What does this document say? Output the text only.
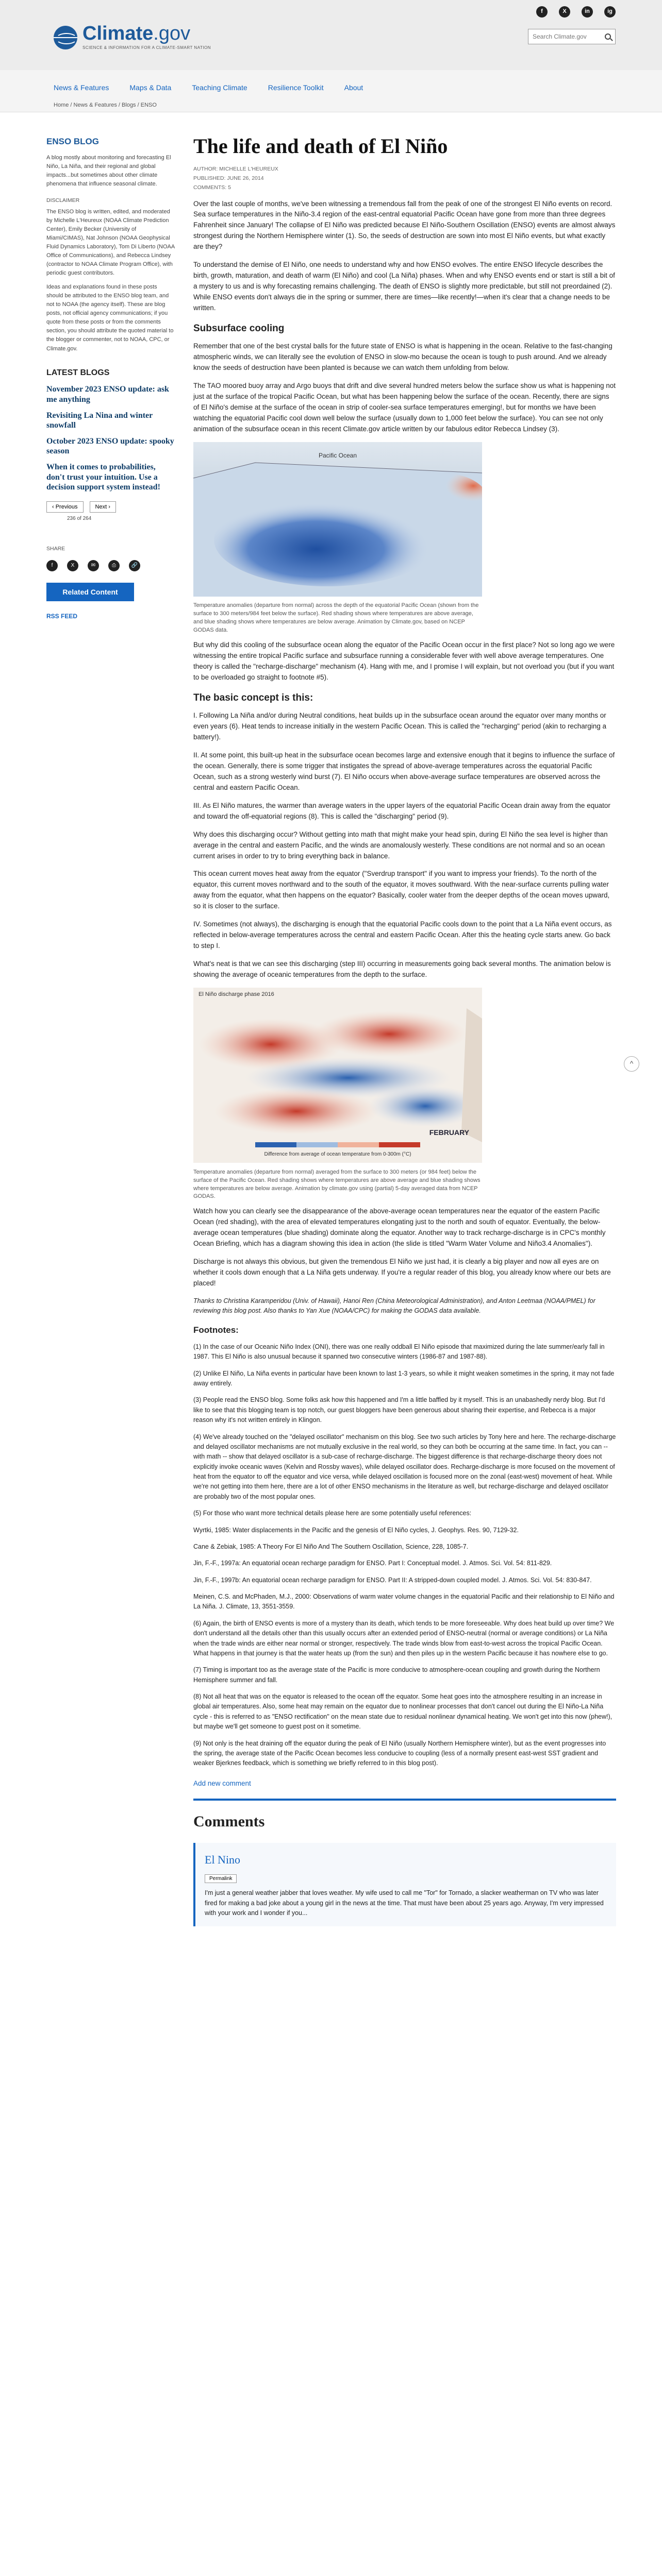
Climate.gov
SCIENCE & INFORMATION FOR A CLIMATE-SMART NATION
f	X	in	ig
Search Climate.gov
News & Features	Maps & Data	Teaching Climate	Resilience Toolkit	About
Home / News & Features / Blogs / ENSO
ENSO BLOG

A blog mostly about monitoring and forecasting El Niño, La Niña, and their regional and global impacts...but sometimes about other climate phenomena that influence seasonal climate.

DISCLAIMER

The ENSO blog is written, edited, and moderated by Michelle L'Heureux (NOAA Climate Prediction Center), Emily Becker (University of Miami/CIMAS), Nat Johnson (NOAA Geophysical Fluid Dynamics Laboratory), Tom Di Liberto (NOAA Office of Communications), and Rebecca Lindsey (contractor to NOAA Climate Program Office), with periodic guest contributors.

Ideas and explanations found in these posts should be attributed to the ENSO blog team, and not to NOAA (the agency itself). These are blog posts, not official agency communications; if you quote from these posts or from the comments section, you should attribute the quoted material to the blogger or commenter, not to NOAA, CPC, or Climate.gov.

LATEST BLOGS
November 2023 ENSO update: ask me anything
Revisiting La Nina and winter snowfall
October 2023 ENSO update: spooky season
When it comes to probabilities, don't trust your intuition. Use a decision support system instead!
‹ Previous	Next ›
236 of 264
SHARE
f	X	✉	⎙	🔗
Related Content
RSS FEED
The life and death of El Niño
AUTHOR: MICHELLE L'HEUREUX
PUBLISHED: JUNE 26, 2014
COMMENTS: 5

Over the last couple of months, we've been witnessing a tremendous fall from the peak of one of the strongest El Niño events on record. Sea surface temperatures in the Niño-3.4 region of the east-central equatorial Pacific Ocean have gone from more than three degrees Fahrenheit since January! The collapse of El Niño was predicted because El Niño-Southern Oscillation (ENSO) events are almost always strongest during the Northern Hemisphere winter (1). So, the seeds of destruction are sown into most El Niño events, but what exactly are they?

To understand the demise of El Niño, one needs to understand why and how ENSO evolves. The entire ENSO lifecycle describes the birth, growth, maturation, and death of warm (El Niño) and cool (La Niña) phases. When and why ENSO events end or start is still a bit of a mystery to us and is why forecasting remains challenging. The death of ENSO is slightly more predictable, but still not preordained (2). While ENSO events don't always die in the spring or summer, there are times—like recently!—when it's clear that a change needs to be written.

Subsurface cooling

Remember that one of the best crystal balls for the future state of ENSO is what is happening in the ocean. Relative to the fast-changing atmospheric winds, we can literally see the evolution of ENSO in slow-mo because the ocean is tough to push around. And we already know the seeds of destruction have been planted is because we can watch them unfolding from below.

The TAO moored buoy array and Argo buoys that drift and dive several hundred meters below the surface show us what is happening not just at the surface of the tropical Pacific Ocean, but what has been happening below the surface of the ocean. Recently, there are signs of El Niño's demise at the surface of the ocean in strip of cooler-sea surface temperatures emerging!, but for months we have been watching the equatorial Pacific cool down well below the surface (usually down to 1,000 feet below the surface). You can see not only animation of the subsurface ocean in this recent Climate.gov article written by our fabulous editor Rebecca Lindsey (3).

Pacific Ocean
Temperature anomalies (departure from normal) across the depth of the equatorial Pacific Ocean (shown from the surface to 300 meters/984 feet below the surface). Red shading shows where temperatures are above average, and blue shading shows where temperatures are below average. Animation by Climate.gov, based on NCEP GODAS data.

But why did this cooling of the subsurface ocean along the equator of the Pacific Ocean occur in the first place? Not so long ago we were witnessing the entire tropical Pacific surface and subsurface running a considerable fever with well above average temperatures. One theory is called the "recharge-discharge" mechanism (4). Hang with me, and I promise I will explain, but not overload you (but if you want to be overloaded go straight to footnote #5).

The basic concept is this:

I. Following La Niña and/or during Neutral conditions, heat builds up in the subsurface ocean around the equator over many months or even years (6). Heat tends to increase initially in the western Pacific Ocean. This is called the "recharging" period (akin to recharging a battery!).

II. At some point, this built-up heat in the subsurface ocean becomes large and extensive enough that it begins to influence the surface of the ocean. Generally, there is some trigger that instigates the spread of above-average temperatures across the equatorial Pacific Ocean, such as a strong westerly wind burst (7). El Niño occurs when above-average surface temperatures are observed across the central and eastern Pacific Ocean.

III. As El Niño matures, the warmer than average waters in the upper layers of the equatorial Pacific Ocean drain away from the equator and toward the off-equatorial regions (8). This is called the "discharging" period (9).

Why does this discharging occur? Without getting into math that might make your head spin, during El Niño the sea level is higher than average in the central and eastern Pacific, and the winds are anomalously westerly. These conditions are not normal and so an ocean current arises in order to try to bring everything back in balance.

This ocean current moves heat away from the equator ("Sverdrup transport" if you want to impress your friends). To the north of the equator, this current moves northward and to the south of the equator, it moves southward. With the near-surface currents pulling water away from the equator, what then happens on the equator? Basically, cooler water from the deeper depths of the ocean moves upward, so it is closer to the surface.

IV. Sometimes (not always), the discharging is enough that the equatorial Pacific cools down to the point that a La Niña event occurs, as reflected in below-average temperatures across the central and eastern Pacific Ocean. After this the heating cycle starts anew. Go back to step I.

What's neat is that we can see this discharging (step III) occurring in measurements going back several months. The animation below is showing the average of oceanic temperatures from the depth to the surface.

El Niño discharge phase 2016
FEBRUARY
Difference from average of ocean temperature from 0-300m (°C)
Temperature anomalies (departure from normal) averaged from the surface to 300 meters (or 984 feet) below the surface of the Pacific Ocean. Red shading shows where temperatures are above average and blue shading shows where temperatures are below average. Animation by climate.gov using (partial) 5-day averaged data from NCEP GODAS.

Watch how you can clearly see the disappearance of the above-average ocean temperatures near the equator of the eastern Pacific Ocean (red shading), with the area of elevated temperatures elongating just to the north and south of equator. Eventually, the below-average ocean temperatures (blue shading) dominate along the equator. Another way to track recharge-discharge is in CPC's monthly Ocean Briefing, which has a diagram showing this idea in action (the slide is titled "Warm Water Volume and Niño3.4 Anomalies").

Discharge is not always this obvious, but given the tremendous El Niño we just had, it is clearly a big player and now all eyes are on whether it cools down enough that a La Niña gets underway. If you're a regular reader of this blog, you already know where our bets are placed!

Thanks to Christina Karamperidou (Univ. of Hawaii), Hanoi Ren (China Meteorological Administration), and Anton Leetmaa (NOAA/PMEL) for reviewing this blog post. Also thanks to Yan Xue (NOAA/CPC) for making the GODAS data available.

Footnotes:

(1) In the case of our Oceanic Niño Index (ONI), there was one really oddball El Niño episode that maximized during the late summer/early fall in 1987. This El Niño is also unusual because it spanned two consecutive winters (1986-87 and 1987-88).

(2) Unlike El Niño, La Niña events in particular have been known to last 1-3 years, so while it might weaken sometimes in the spring, it may not fade away entirely.

(3) People read the ENSO blog. Some folks ask how this happened and I'm a little baffled by it myself. This is an unabashedly nerdy blog. But I'd like to see that this blogging team is top notch, our guest bloggers have been generous about sharing their expertise, and Rebecca is a major reason why it's not written entirely in Klingon.

(4) We've already touched on the "delayed oscillator" mechanism on this blog. See two such articles by Tony here and here. The recharge-discharge and delayed oscillator mechanisms are not mutually exclusive in the real world, so they can both be occurring at the same time. In fact, you can -- with math -- show that delayed oscillator is a sub-case of recharge-discharge. The biggest difference is that recharge-discharge theory does not explicitly invoke oceanic waves (Kelvin and Rossby waves), while delayed oscillator does. Recharge-discharge is more focused on the movement of heat from the equator to off the equator and vice versa, while delayed oscillation is focused more on the zonal (east-west) movement of heat. While we're not getting into them here, there are a lot of other ENSO mechanisms in the literature as well, but recharge-discharge and delayed oscillator are probably two of the most popular ones.

(5) For those who want more technical details please here are some potentially useful references:

Wyrtki, 1985: Water displacements in the Pacific and the genesis of El Niño cycles, J. Geophys. Res. 90, 7129-32.

Cane & Zebiak, 1985: A Theory For El Niño And The Southern Oscillation, Science, 228, 1085-7.

Jin, F.-F., 1997a: An equatorial ocean recharge paradigm for ENSO. Part I: Conceptual model. J. Atmos. Sci. Vol. 54: 811-829.

Jin, F.-F., 1997b: An equatorial ocean recharge paradigm for ENSO. Part II: A stripped-down coupled model. J. Atmos. Sci. Vol. 54: 830-847.

Meinen, C.S. and McPhaden, M.J., 2000: Observations of warm water volume changes in the equatorial Pacific and their relationship to El Niño and La Niña. J. Climate, 13, 3551-3559.

(6) Again, the birth of ENSO events is more of a mystery than its death, which tends to be more foreseeable. Why does heat build up over time? We don't understand all the details other than this usually occurs after an extended period of ENSO-neutral (normal or average conditions) or La Niña when the trade winds are either near normal or stronger, respectively. The trade winds blow from east-to-west across the tropical Pacific Ocean. What happens in that journey is that the water heats up (from the sun) and then piles up in the western Pacific because it has nowhere else to go.

(7) Timing is important too as the average state of the Pacific is more conducive to atmosphere-ocean coupling and growth during the Northern Hemisphere summer and fall.

(8) Not all heat that was on the equator is released to the ocean off the equator. Some heat goes into the atmosphere resulting in an increase in global air temperatures. Also, some heat may remain on the equator due to nonlinear processes that don't cancel out during the El Niño-La Niña cycle - this is referred to as "ENSO rectification" on the mean state due to residual nonlinear dynamical heating. We won't get into this now (phew!), but maybe we'll get someone to guest post on it sometime.

(9) Not only is the heat draining off the equator during the peak of El Niño (usually Northern Hemisphere winter), but as the event progresses into the spring, the average state of the Pacific Ocean becomes less conducive to coupling (less of a normally present east-west SST gradient and weaker Bjerknes feedback, which is something we briefly referred to in this blog post).

Add new comment
Comments
El Nino
Permalink

I'm just a general weather jabber that loves weather. My wife used to call me "Tor" for Tornado, a slacker weatherman on TV who was later fired for making a bad joke about a young girl in the news at the time. That must have been about 25 years ago. Anyway, I'm very impressed with your work and I wonder if you...

^
